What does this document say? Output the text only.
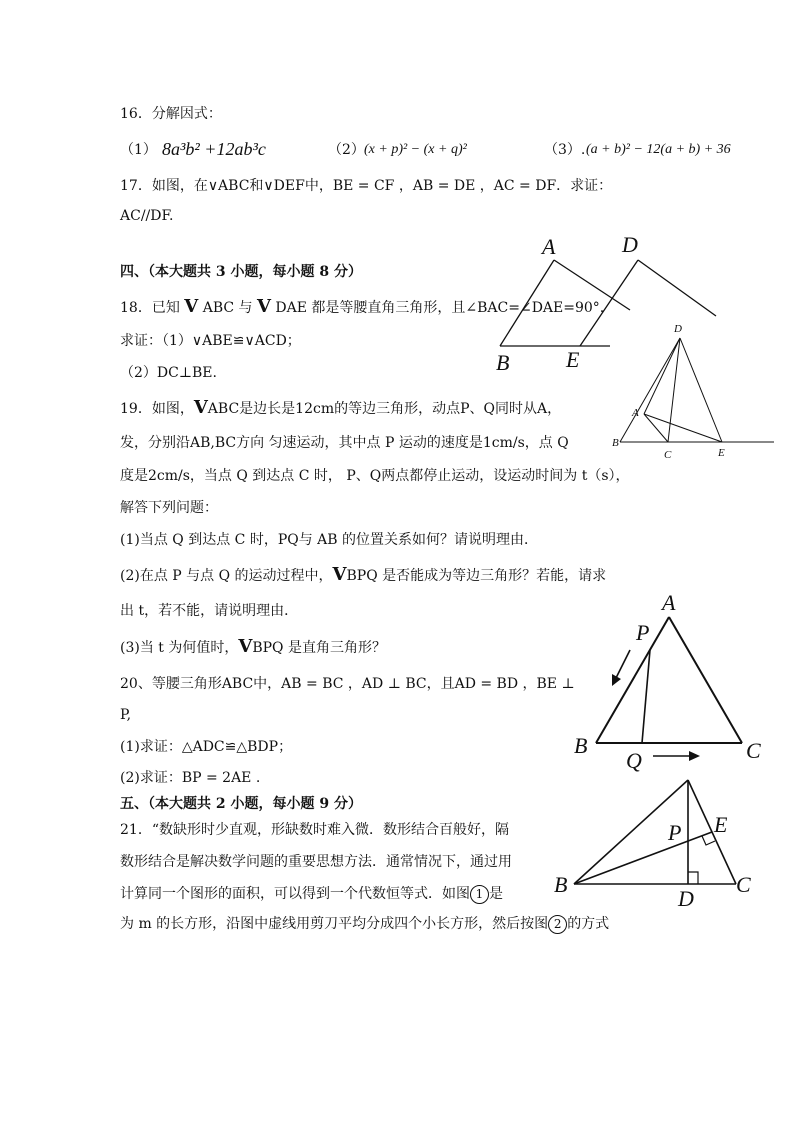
16．分解因式：
（1） 8a³b² +12ab³c	（2） (x + p)² − (x + q)²	（3）. (a + b)² − 12(a + b) + 36
17．如图，在∨ABC和∨DEF中，BE = CF ，AB = DE ，AC = DF．求证：
AC//DF.
四、（本大题共 3 小题，每小题 8 分）
18．已知 V ABC 与 V DAE 都是等腰直角三角形，且∠BAC=∠DAE=90°.
求证：（1）∨ABE≌∨ACD；
（2）DC⊥BE.
19．如图，VABC是边长是12cm的等边三角形，动点P、Q同时从A，
发，分别沿AB,BC方向 匀速运动，其中点 P 运动的速度是1cm/s，点 Q
度是2cm/s，当点 Q 到达点 C 时， P、Q两点都停止运动，设运动时间为 t（s），
解答下列问题：
(1)当点 Q 到达点 C 时，PQ与 AB 的位置关系如何？请说明理由．
(2)在点 P 与点 Q 的运动过程中，VBPQ 是否能成为等边三角形？若能，请求
出 t，若不能，请说明理由．
(3)当 t 为何值时，VBPQ 是直角三角形？
20、等腰三角形ABC中，AB = BC ，AD ⊥ BC，且AD = BD ，BE ⊥
P,
(1)求证：△ADC≌△BDP；
(2)求证：BP = 2AE .
五、（本大题共 2 小题，每小题 9 分）
21．“数缺形时少直观，形缺数时难入微．数形结合百般好，隔
数形结合是解决数学问题的重要思想方法．通常情况下，通过用
计算同一个图形的面积，可以得到一个代数恒等式．如图 1 是
为 m 的长方形，沿图中虚线用剪刀平均分成四个小长方形，然后按图 2 的方式
A	D
B	E
D
A
B
C	E
A
P
B
Q	C
P E
B
D
C
